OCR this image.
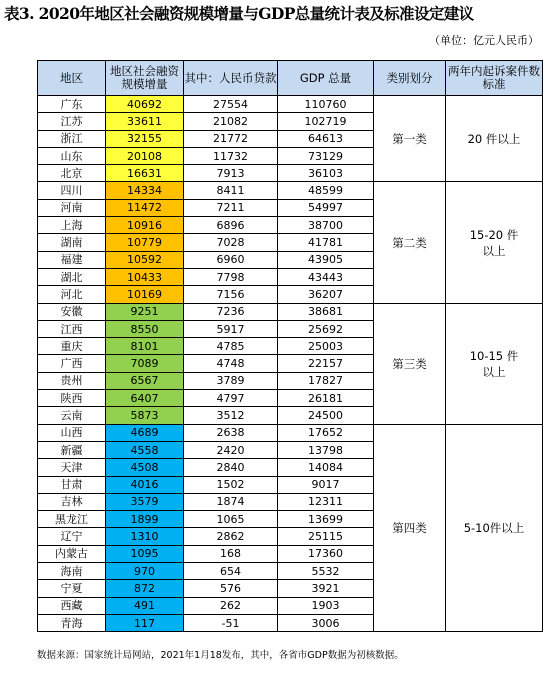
表3. 2020年地区社会融资规模增量与GDP总量统计表及标准设定建议
（单位：亿元人民币）
地区	地区社会融资规模增量	其中：人民币贷款	GDP 总量	类别划分	两年内起诉案件数标准
广东	40692	27554	110760	第一类	20 件以上
江苏	33611	21082	102719		
浙江	32155	21772	64613		
山东	20108	11732	73129		
北京	16631	7913	36103		
四川	14334	8411	48599	第二类	15-20 件以上
河南	11472	7211	54997		
上海	10916	6896	38700		
湖南	10779	7028	41781		
福建	10592	6960	43905		
湖北	10433	7798	43443		
河北	10169	7156	36207		
安徽	9251	7236	38681	第三类	10-15 件以上
江西	8550	5917	25692		
重庆	8101	4785	25003		
广西	7089	4748	22157		
贵州	6567	3789	17827		
陕西	6407	4797	26181		
云南	5873	3512	24500		
山西	4689	2638	17652	第四类	5-10件以上
新疆	4558	2420	13798		
天津	4508	2840	14084		
甘肃	4016	1502	9017		
吉林	3579	1874	12311		
黑龙江	1899	1065	13699		
辽宁	1310	2862	25115		
内蒙古	1095	168	17360		
海南	970	654	5532		
宁夏	872	576	3921		
西藏	491	262	1903		
青海	117	-51	3006		
数据来源：国家统计局网站，2021年1月18发布，其中，各省市GDP数据为初核数据。
